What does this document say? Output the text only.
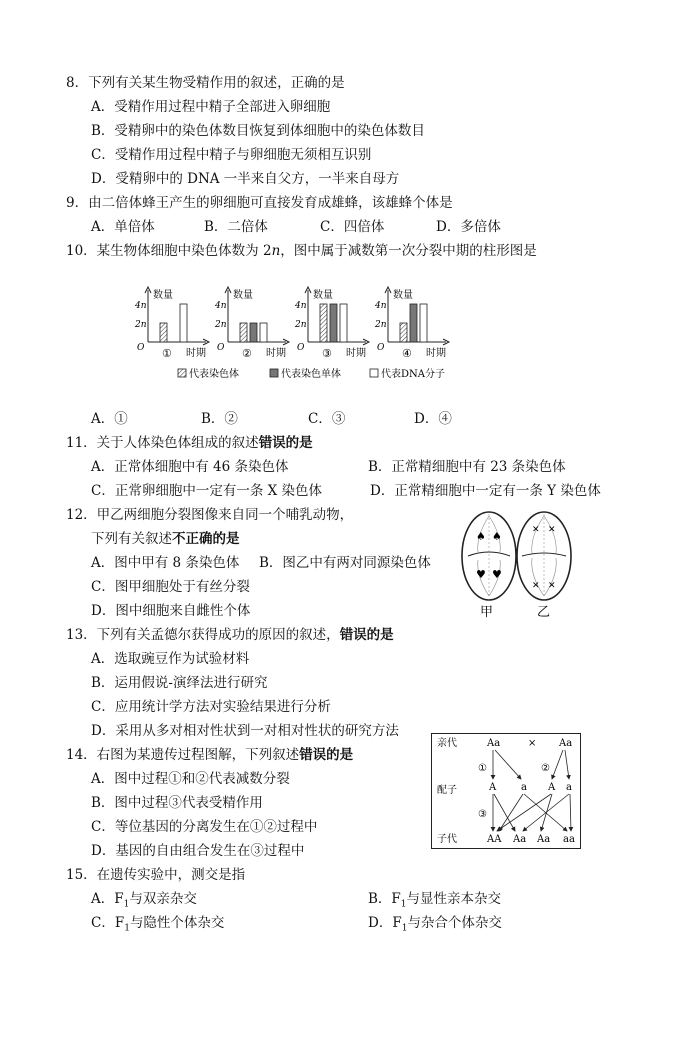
8．下列有关某生物受精作用的叙述，正确的是
A．受精作用过程中精子全部进入卵细胞
B．受精卵中的染色体数目恢复到体细胞中的染色体数目
C．受精作用过程中精子与卵细胞无须相互识别
D．受精卵中的 DNA 一半来自父方，一半来自母方
9．由二倍体蜂王产生的卵细胞可直接发育成雄蜂，该雄蜂个体是
A．单倍体	B．二倍体	C．四倍体	D．多倍体
10．某生物体细胞中染色体数为 2n，图中属于减数第一次分裂中期的柱形图是
4n
2n
O
数量
时期
①
4n
2n
O
数量
时期
②
4n
2n
O
数量
时期
③
4n
2n
O
数量
时期
④
代表染色体	代表染色单体	代表DNA分子
A．①	B．②	C．③	D．④
11．关于人体染色体组成的叙述错误的是
A．正常体细胞中有 46 条染色体	B．正常精细胞中有 23 条染色体
C．正常卵细胞中一定有一条 X 染色体	D．正常精细胞中一定有一条 Y 染色体
12．甲乙两细胞分裂图像来自同一个哺乳动物，
下列有关叙述不正确的是
A．图中甲有 8 条染色体 B．图乙中有两对同源染色体
C．图甲细胞处于有丝分裂
D．图中细胞来自雌性个体
♠ ♠
♥ ♥
✕ ✕
✕ ✕
甲	乙
13．下列有关孟德尔获得成功的原因的叙述，错误的是
A．选取豌豆作为试验材料
B．运用假说-演绎法进行研究
C．应用统计学方法对实验结果进行分析
D．采用从多对相对性状到一对相对性状的研究方法
14．右图为某遗传过程图解，下列叙述错误的是
A．图中过程①和②代表减数分裂
B．图中过程③代表受精作用
C．等位基因的分离发生在①②过程中
D．基因的自由组合发生在③过程中
亲代
配子
子代
Aa	× Aa
①	②
③
A a A a
AA Aa Aa aa
15．在遗传实验中，测交是指
A．$F_1$与双亲杂交	B．$F_1$与显性亲本杂交
C．$F_1$与隐性个体杂交	D．$F_1$与杂合个体杂交
